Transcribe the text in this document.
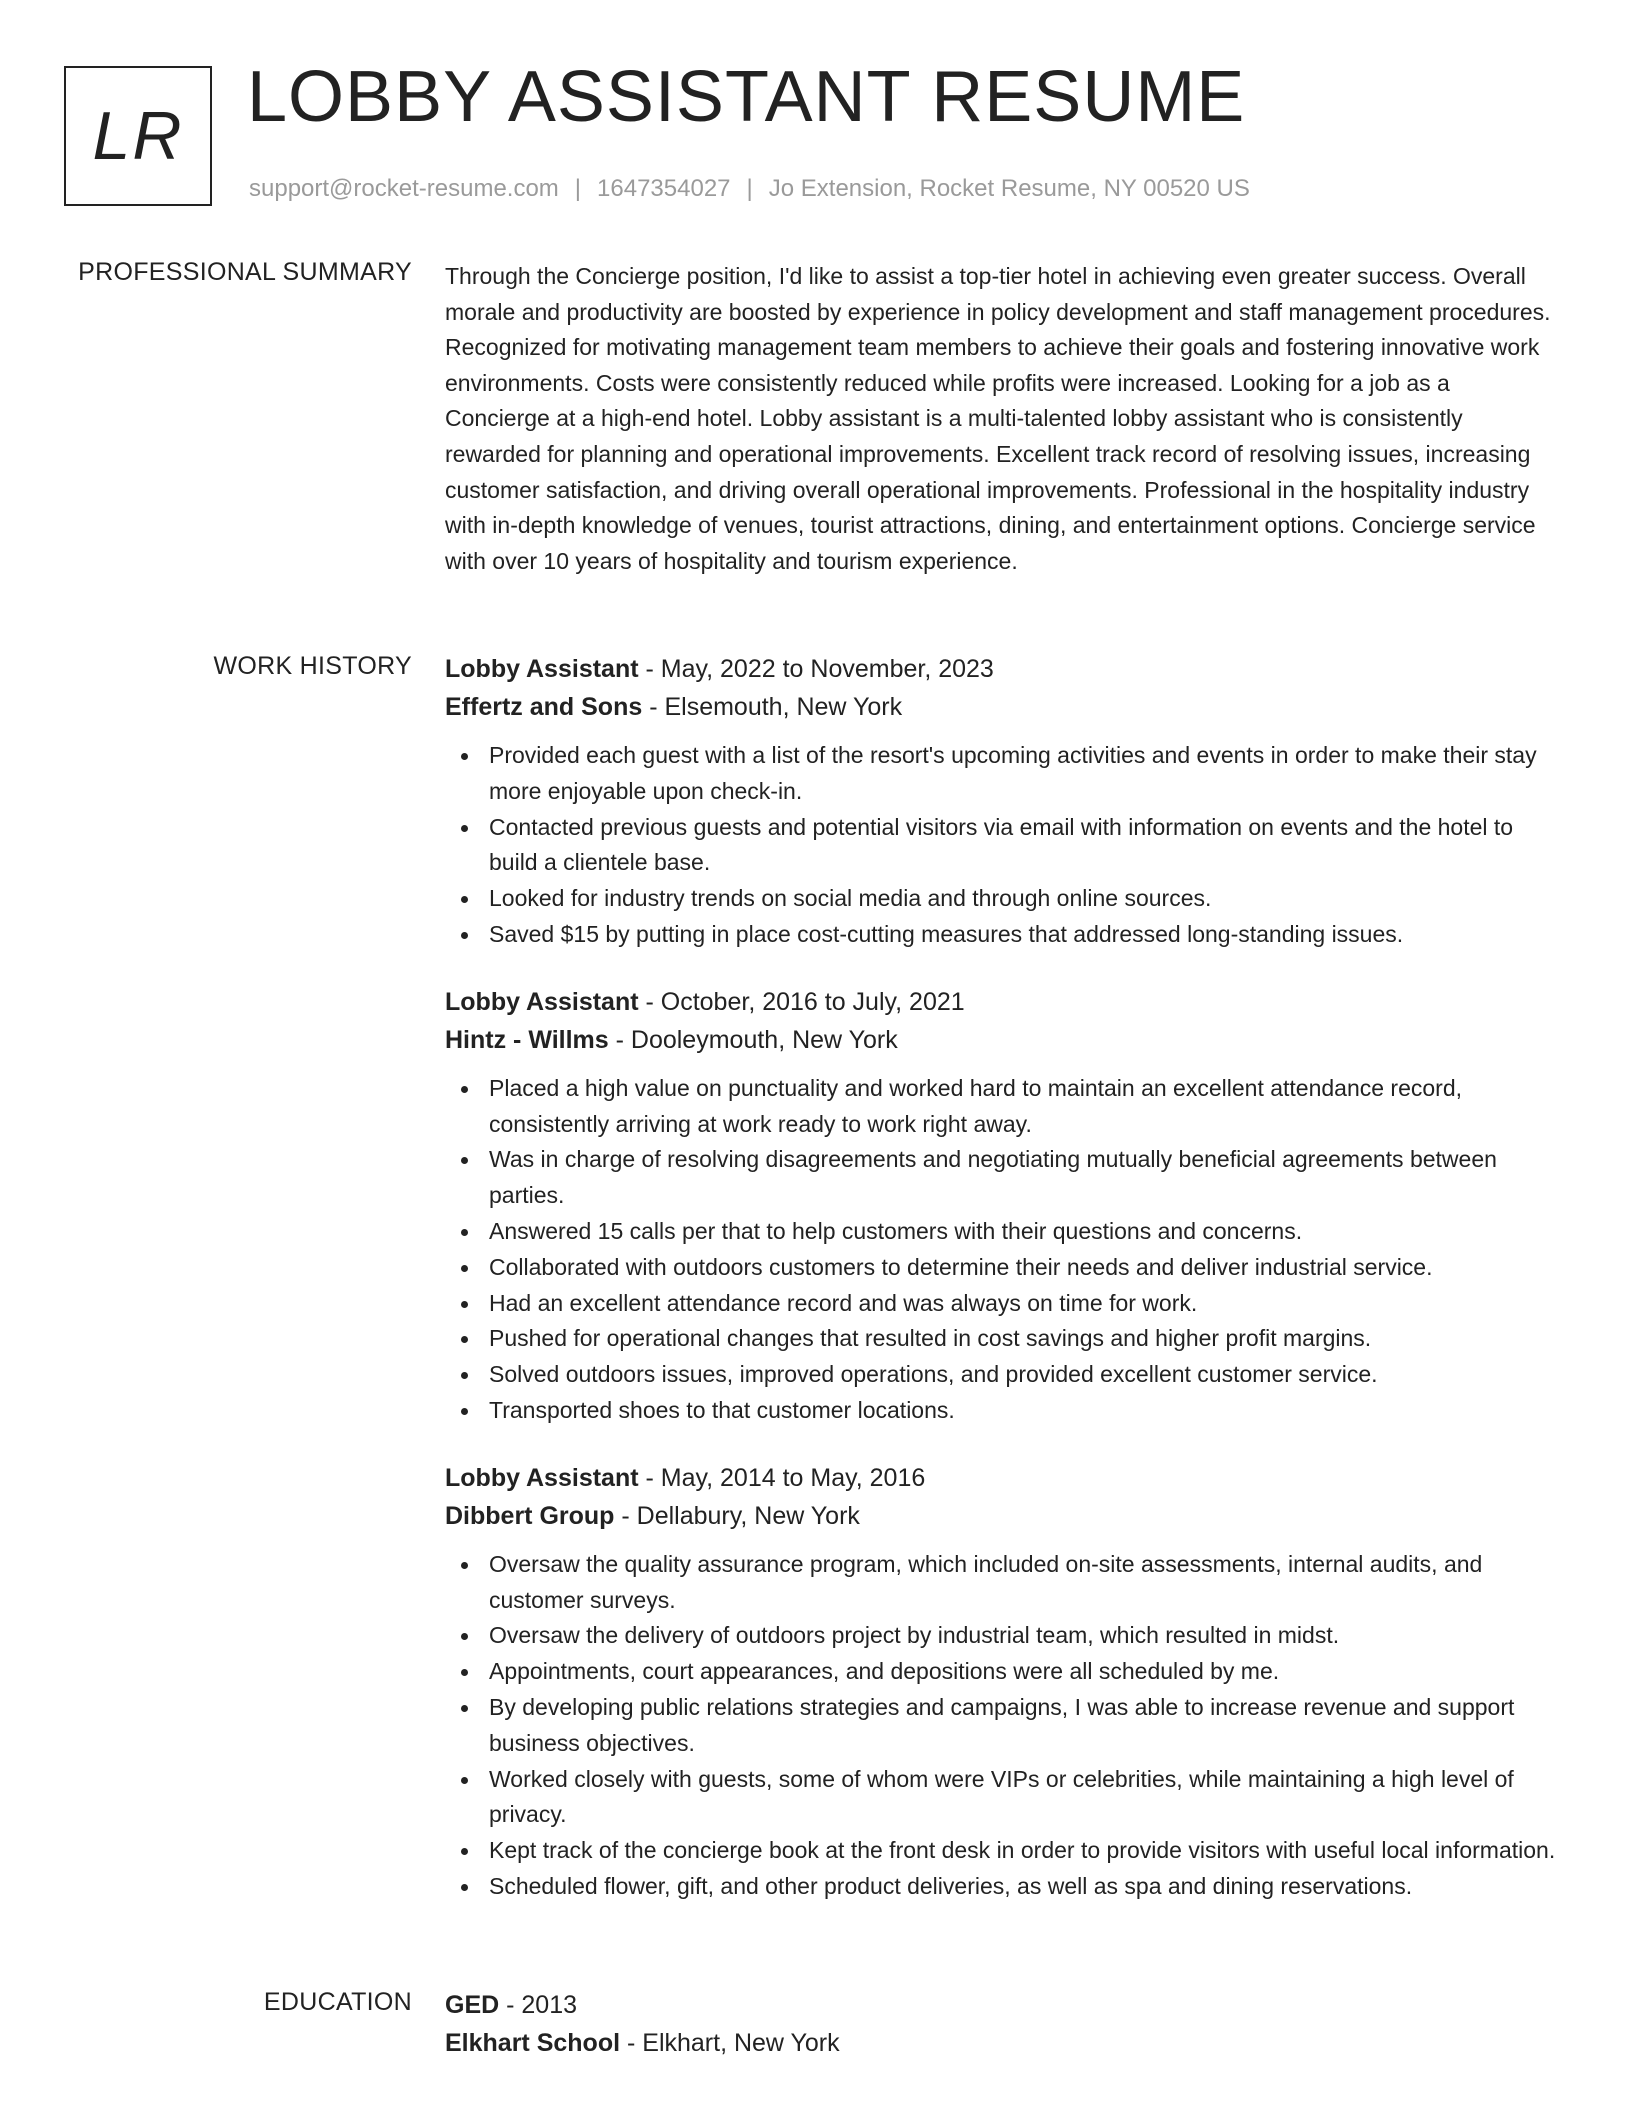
LR LOBBY ASSISTANT RESUME
support@rocket-resume.com | 1647354027 | Jo Extension, Rocket Resume, NY 00520 US
PROFESSIONAL SUMMARY Through the Concierge position, I'd like to assist a top-tier hotel in achieving even greater success. Overall morale and productivity are boosted by experience in policy development and staff management procedures. Recognized for motivating management team members to achieve their goals and fostering innovative work environments. Costs were consistently reduced while profits were increased. Looking for a job as a Concierge at a high-end hotel. Lobby assistant is a multi-talented lobby assistant who is consistently rewarded for planning and operational improvements. Excellent track record of resolving issues, increasing customer satisfaction, and driving overall operational improvements. Professional in the hospitality industry with in-depth knowledge of venues, tourist attractions, dining, and entertainment options. Concierge service with over 10 years of hospitality and tourism experience.

WORK HISTORY Lobby Assistant - May, 2022 to November, 2023
Effertz and Sons - Elsemouth, New York
Provided each guest with a list of the resort's upcoming activities and events in order to make their stay more enjoyable upon check-in.
Contacted previous guests and potential visitors via email with information on events and the hotel to build a clientele base.
Looked for industry trends on social media and through online sources.
Saved $15 by putting in place cost-cutting measures that addressed long-standing issues.
Lobby Assistant - October, 2016 to July, 2021
Hintz - Willms - Dooleymouth, New York
Placed a high value on punctuality and worked hard to maintain an excellent attendance record, consistently arriving at work ready to work right away.
Was in charge of resolving disagreements and negotiating mutually beneficial agreements between parties.
Answered 15 calls per that to help customers with their questions and concerns.
Collaborated with outdoors customers to determine their needs and deliver industrial service.
Had an excellent attendance record and was always on time for work.
Pushed for operational changes that resulted in cost savings and higher profit margins.
Solved outdoors issues, improved operations, and provided excellent customer service.
Transported shoes to that customer locations.
Lobby Assistant - May, 2014 to May, 2016
Dibbert Group - Dellabury, New York
Oversaw the quality assurance program, which included on-site assessments, internal audits, and customer surveys.
Oversaw the delivery of outdoors project by industrial team, which resulted in midst.
Appointments, court appearances, and depositions were all scheduled by me.
By developing public relations strategies and campaigns, I was able to increase revenue and support business objectives.
Worked closely with guests, some of whom were VIPs or celebrities, while maintaining a high level of privacy.
Kept track of the concierge book at the front desk in order to provide visitors with useful local information.
Scheduled flower, gift, and other product deliveries, as well as spa and dining reservations.
EDUCATION GED - 2013
Elkhart School - Elkhart, New York
